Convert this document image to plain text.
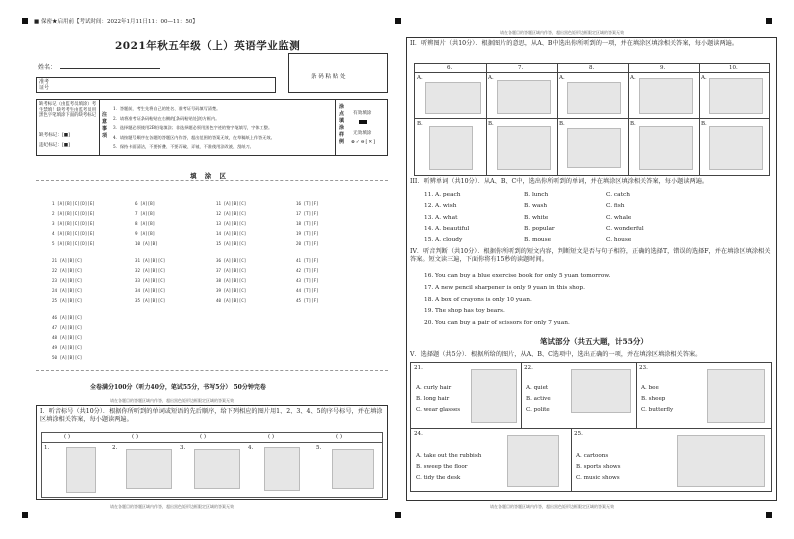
■ 保密★启用前【考试时间：2022年1月11日11：00—11：50】
2021年秋五年级（上）英语学业监测
姓名：
准考证号
条 码 粘 贴 处
缺考标记（由监考员填涂）考生禁填！缺考考生由监考员用黑色字笔填涂下面的缺考标记
缺考标记：[■]
违纪标记：[■]
注意事项
1．答题前，考生先将自己的姓名、准考证号码填写清楚。
2．请将准考证条码粘贴在右侧的[条码粘贴处]的方框内。
3．选择题必须使用2B铅笔填涂；非选择题必须用黑色字迹的签字笔填写，字体工整。
4．请按题号顺序在各题的答题区内作答，超出范围的答案无效，在草稿纸上作答无效。
5．保持卡面清洁，不要折叠、不要弄破、弄皱，不准使用涂改液、刮纸刀。
涂点填涂样例
有效填涂
无效填涂
⊗✓⊖[✕]
填 涂 区
1 [A][B][C][D][E]
2 [A][B][C][D][E]
3 [A][B][C][D][E]
4 [A][B][C][D][E]
5 [A][B][C][D][E]
6 [A][B]
7 [A][B]
8 [A][B]
9 [A][B]
10 [A][B]
11 [A][B][C]
12 [A][B][C]
13 [A][B][C]
14 [A][B][C]
15 [A][B][C]
16 [T][F]
17 [T][F]
18 [T][F]
19 [T][F]
20 [T][F]
21 [A][B][C]
22 [A][B][C]
23 [A][B][C]
24 [A][B][C]
25 [A][B][C]
31 [A][B][C]
32 [A][B][C]
33 [A][B][C]
34 [A][B][C]
35 [A][B][C]
36 [A][B][C]
37 [A][B][C]
38 [A][B][C]
39 [A][B][C]
40 [A][B][C]
41 [T][F]
42 [T][F]
43 [T][F]
44 [T][F]
45 [T][F]
46 [A][B][C]
47 [A][B][C]
48 [A][B][C]
49 [A][B][C]
50 [A][B][C]
全卷满分100分（听力40分，笔试55分，书写5分） 50分钟完卷
请在各题目的答题区域内作答，超出黑色矩形边框限定区域的答案无效
I．听音标号（共10分）．根据你所听到的单词或短语的先后顺序，给下列相应的图片用1、2、3、4、5的序号标号，并在填涂区填涂相关答案，每小题读两遍。
( )	( )	( )	( )	( )
1.	2.	3.	4.	5.
请在各题目的答题区域内作答，超出黑色矩形边框限定区域的答案无效
请在各题目的答题区域内作答，超出黑色矩形边框限定区域的答案无效
II．听辨图片（共10分）．根据图片的意思，从A、B中选出你所听到的一项，并在填涂区填涂相关答案，每小题读两遍。
6.	7.	8.	9.	10.
A.	A.	A.	A.	A.
B.	B.	B.	B.	B.
III．听辨单词（共10分）．从A、B、C中，选出你所听到的单词，并在填涂区填涂相关答案，每小题读两遍。
11. A. peach	B. lunch	C. catch
12. A. wish	B. wash	C. fish
13. A. what	B. white	C. whale
14. A. beautiful	B. popular	C. wonderful
15. A. cloudy	B. mouse	C. house
IV．听音判断（共10分）．根据你所听到的短文内容，判断短文是否与句子相符，正确的选择T，错误的选择F，并在填涂区填涂相关答案。短文读三遍，下面你将有15秒的读题时间。
16. You can buy a blue exercise book for only 5 yuan tomorrow.
17. A new pencil sharpener is only 9 yuan in this shop.
18. A box of crayons is only 10 yuan.
19. The shop has toy bears.
20. You can buy a pair of scissors for only 7 yuan.
笔试部分（共五大题，计55分）
V．选择题（共5分）．根据所给的图片，从A、B、C选项中，选出正确的一项，并在填涂区填涂相关答案。
21.
A. curly hair
B. long hair
C. wear glasses
22.
A. quiet
B. active
C. polite
23.
A. bee
B. sheep
C. butterfly
24.
A. take out the rubbish
B. sweep the floor
C. tidy the desk
25.
A. cartoons
B. sports shows
C. music shows
请在各题目的答题区域内作答，超出黑色矩形边框限定区域的答案无效
